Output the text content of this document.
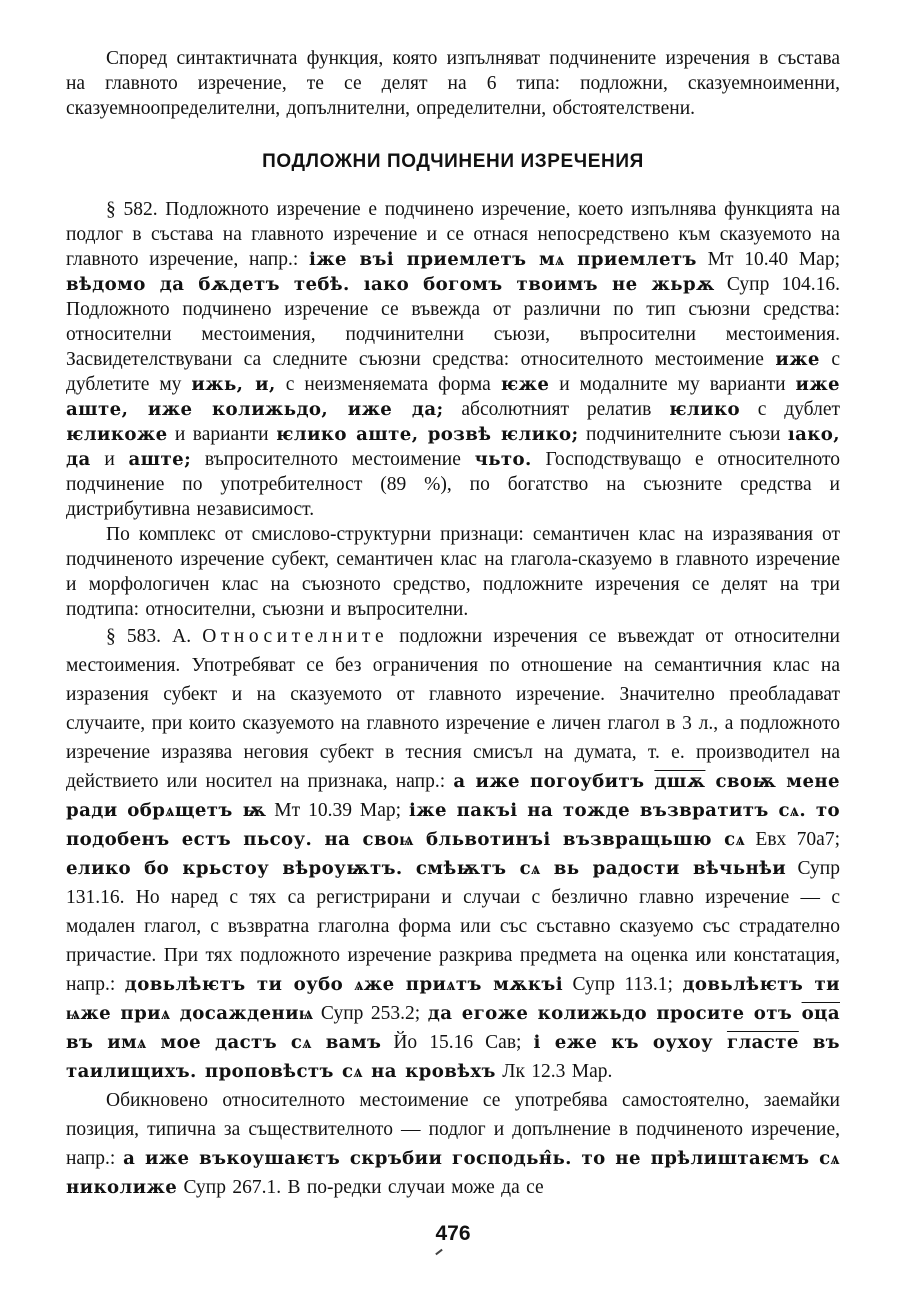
Според синтактичната функция, която изпълняват подчинените изречения в състава на главното изречение, те се делят на 6 типа: подложни, сказуемноименни, сказуемноопределителни, допълнителни, определителни, обстоятелствени.

ПОДЛОЖНИ ПОДЧИНЕНИ ИЗРЕЧЕНИЯ

§ 582. Подложното изречение е подчинено изречение, което изпълнява функцията на подлог в състава на главното изречение и се отнася непосредствено към сказуемото на главното изречение, напр.: іже въі приемлетъ мѧ приемлетъ Мт 10.40 Мар; вѣдомо да бѫдетъ тебѣ. ıако богомъ твоимъ не жьрѫ Супр 104.16. Подложното подчинено изречение се въвежда от различни по тип съюзни средства: относителни местоимения, подчинителни съюзи, въпросителни местоимения. Засвидетелствувани са следните съюзни средства: относителното местоимение иже с дублетите му ижь, и, с неизменяемата форма ѥже и модалните му варианти иже аште, иже колижьдо, иже да; абсолютният релатив ѥлико с дублет ѥликоже и варианти ѥлико аште, розвѣ ѥлико; подчинителните съюзи ıако, да и аште; въпросителното местоимение чьто. Господствуващо е относителното подчинение по употребителност (89 %), по богатство на съюзните средства и дистрибутивна независимост.

По комплекс от смислово-структурни признаци: семантичен клас на изразявания от подчиненото изречение субект, семантичен клас на глагола-сказуемо в главното изречение и морфологичен клас на съюзното средство, подложните изречения се делят на три подтипа: относителни, съюзни и въпросителни.

§ 583. А. Относителните подложни изречения се въвеждат от относителни местоимения. Употребяват се без ограничения по отношение на семантичния клас на изразения субект и на сказуемото от главното изречение. Значително преобладават случаите, при които сказуемото на главното изречение е личен глагол в 3 л., а подложното изречение изразява неговия субект в тесния смисъл на думата, т. е. производител на действието или носител на признака, напр.: а иже погоубитъ дшѫ своѭ мене ради обрѧщетъ ѭ Мт 10.39 Мар; іже пакъі на тожде възвратитъ сѧ. то подобенъ естъ пьсоу. на своѩ бльвотинъі възвращьшю сѧ Евх 70а7; елико бо крьстоу вѣроуѭтъ. смѣѭтъ сѧ вь радости вѣчьнѣи Супр 131.16. Но наред с тях са регистрирани и случаи с безлично главно изречение — с модален глагол, с възвратна глаголна форма или със съставно сказуемо със страдателно причастие. При тях подложното изречение разкрива предмета на оценка или констатация, напр.: довьлѣѥтъ ти оубо ѧже приѧтъ мѫкъі Супр 113.1; довьлѣѥтъ ти ѩже приѧ досаждениѩ Супр 253.2; да егоже колижьдо просите отъ оца въ имѧ мое дастъ сѧ вамъ Йо 15.16 Сав; і еже къ оухоу гласте въ таилищихъ. проповѣстъ сѧ на кровѣхъ Лк 12.3 Мар.

Обикновено относителното местоимение се употребява самостоятелно, заемайки позиция, типична за съществителното — подлог и допълнение в подчиненото изречение, напр.: а иже въкоушаѥтъ скръбии господьн̂ь. то не прѣлиштаѥмъ сѧ николиже Супр 267.1. В по-редки случаи може да се

476
